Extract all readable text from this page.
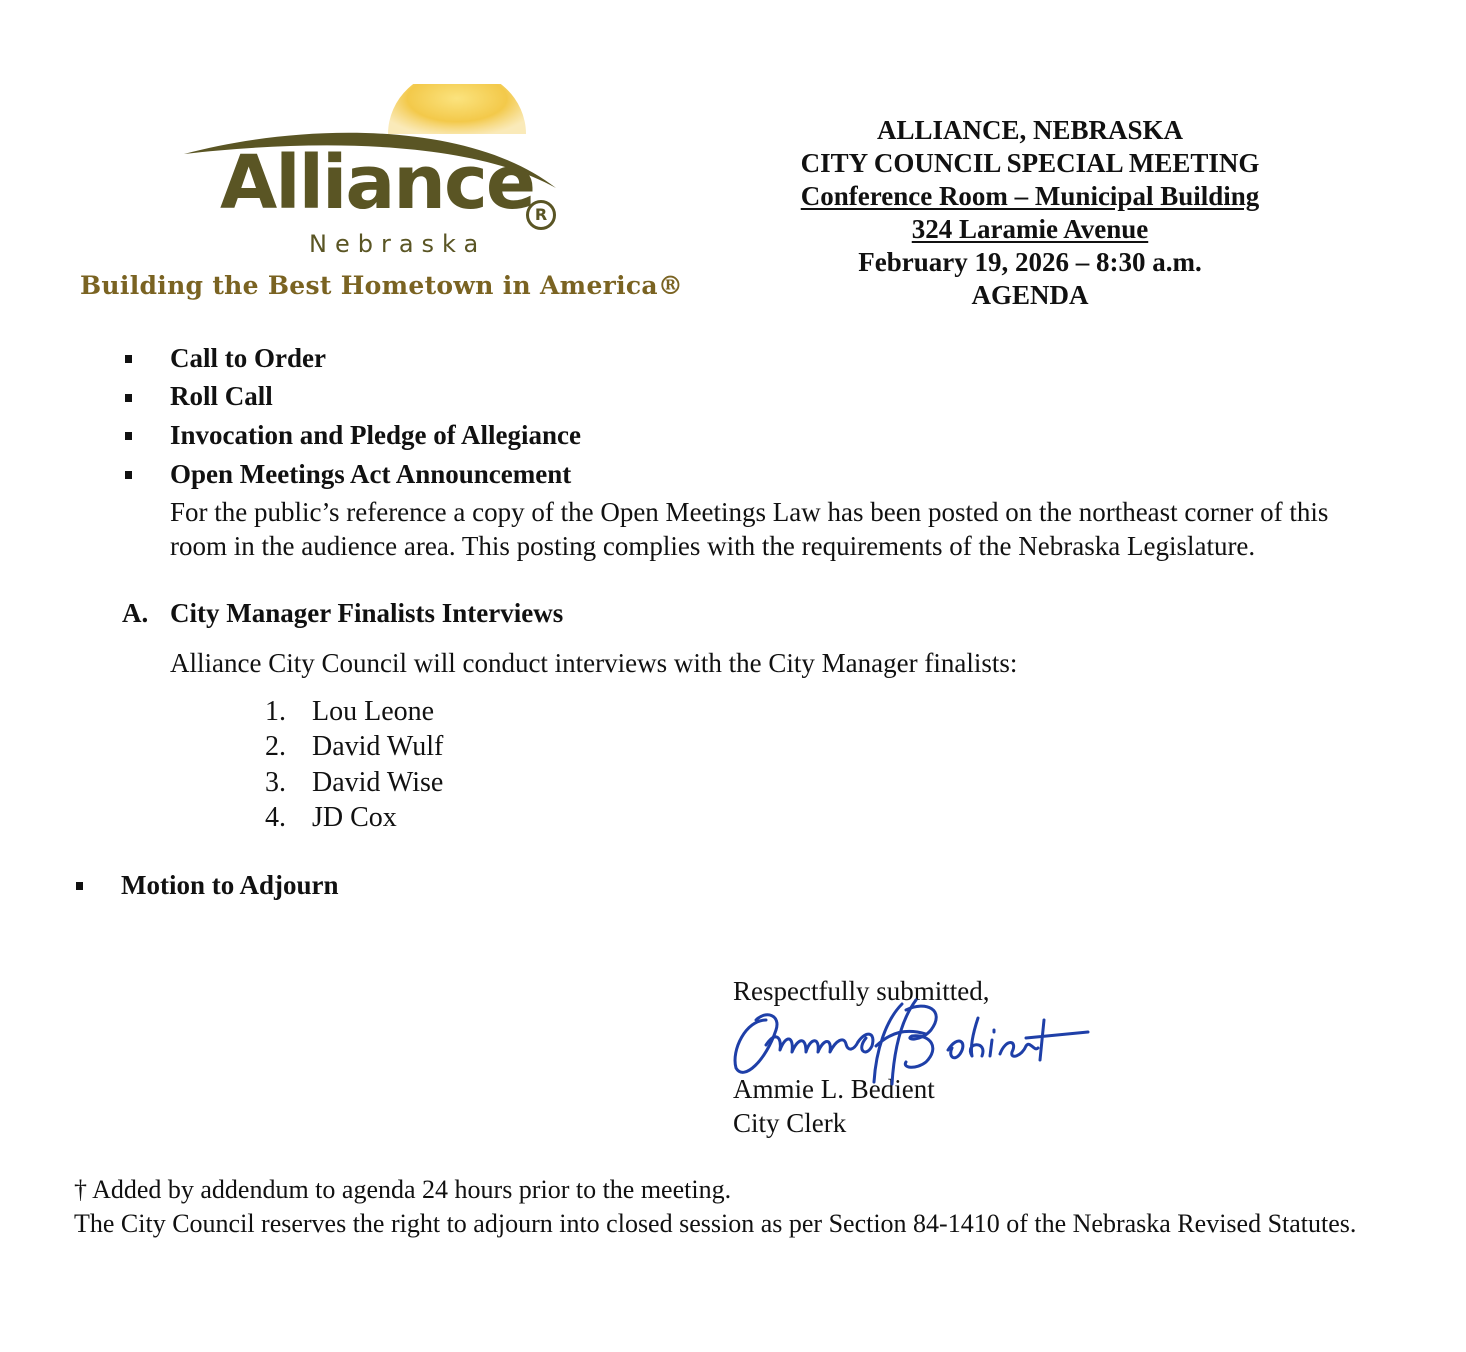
Alliance
Nebraska
R
Building the Best Hometown in America®
ALLIANCE, NEBRASKA
CITY COUNCIL SPECIAL MEETING
Conference Room – Municipal Building
324 Laramie Avenue
February 19, 2026 – 8:30 a.m.
AGENDA
Call to Order
Roll Call
Invocation and Pledge of Allegiance
Open Meetings Act Announcement
For the public’s reference a copy of the Open Meetings Law has been posted on the northeast corner of this
room in the audience area. This posting complies with the requirements of the Nebraska Legislature.
A. City Manager Finalists Interviews
Alliance City Council will conduct interviews with the City Manager finalists:
1. Lou Leone
2. David Wulf
3. David Wise
4. JD Cox
Motion to Adjourn
Respectfully submitted,
Ammie L. Bedient
City Clerk
† Added by addendum to agenda 24 hours prior to the meeting.
The City Council reserves the right to adjourn into closed session as per Section 84-1410 of the Nebraska Revised Statutes.
